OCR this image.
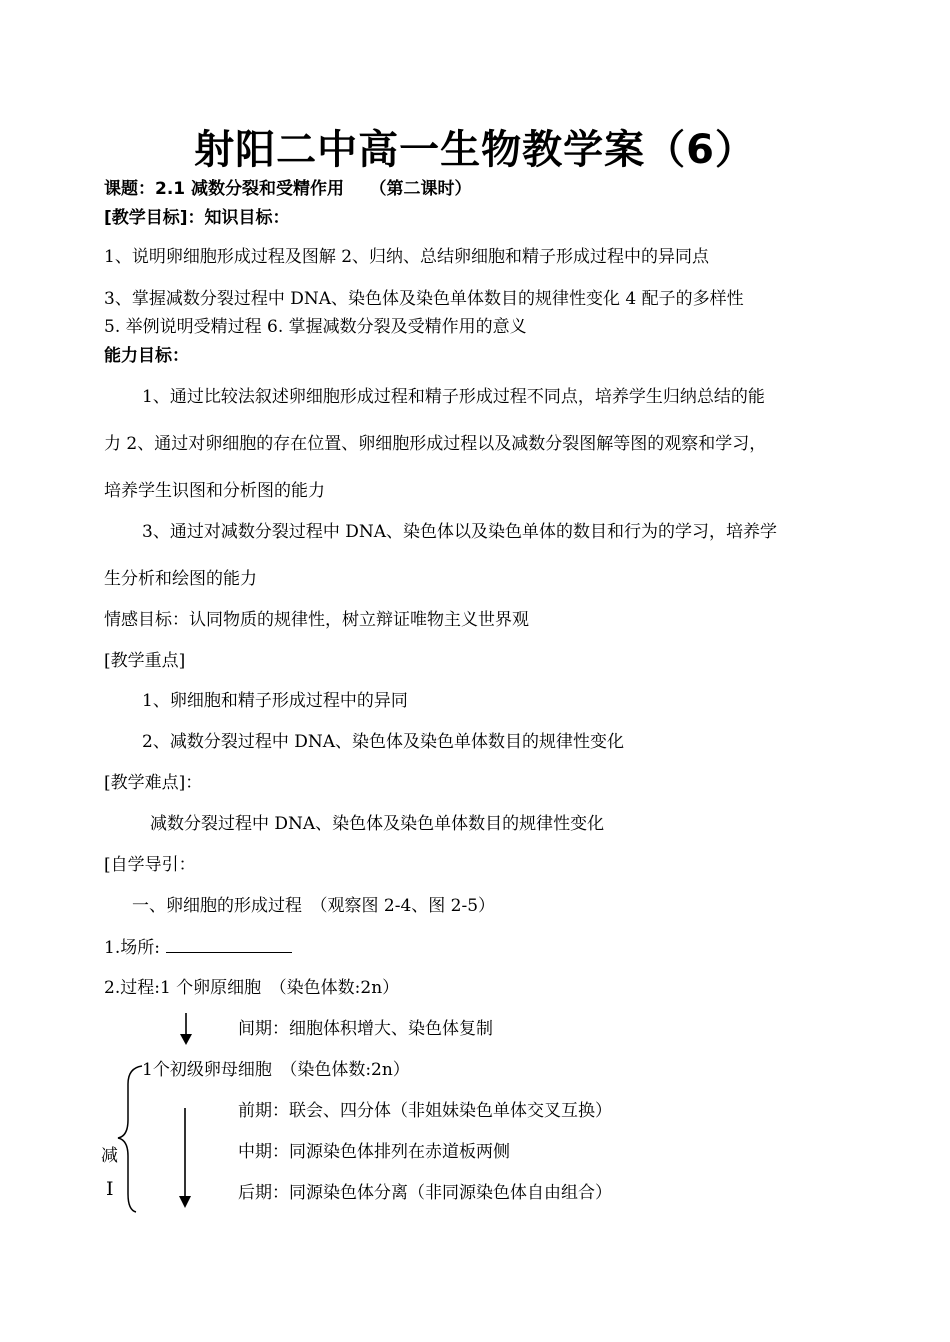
射阳二中高一生物教学案（6）
课题：2.1 减数分裂和受精作用　　（第二课时）
[教学目标]：知识目标：
1、说明卵细胞形成过程及图解 2、归纳、总结卵细胞和精子形成过程中的异同点
3、掌握减数分裂过程中 DNA、染色体及染色单体数目的规律性变化 4 配子的多样性
5. 举例说明受精过程 6. 掌握减数分裂及受精作用的意义
能力目标：
1、通过比较法叙述卵细胞形成过程和精子形成过程不同点，培养学生归纳总结的能
力 2、通过对卵细胞的存在位置、卵细胞形成过程以及减数分裂图解等图的观察和学习，
培养学生识图和分析图的能力
3、通过对减数分裂过程中 DNA、染色体以及染色单体的数目和行为的学习，培养学
生分析和绘图的能力
情感目标：认同物质的规律性，树立辩证唯物主义世界观
[教学重点]
1、卵细胞和精子形成过程中的异同
2、减数分裂过程中 DNA、染色体及染色单体数目的规律性变化
[教学难点]：
减数分裂过程中 DNA、染色体及染色单体数目的规律性变化
[自学导引：
一、卵细胞的形成过程　（观察图 2-4、图 2-5）
1.场所:
2.过程:1 个卵原细胞　（染色体数:2n）
间期：细胞体积增大、染色体复制
1个初级卵母细胞　（染色体数:2n）
前期：联会、四分体（非姐妹染色单体交叉互换）
中期：同源染色体排列在赤道板两侧
后期：同源染色体分离（非同源染色体自由组合）
减
I
